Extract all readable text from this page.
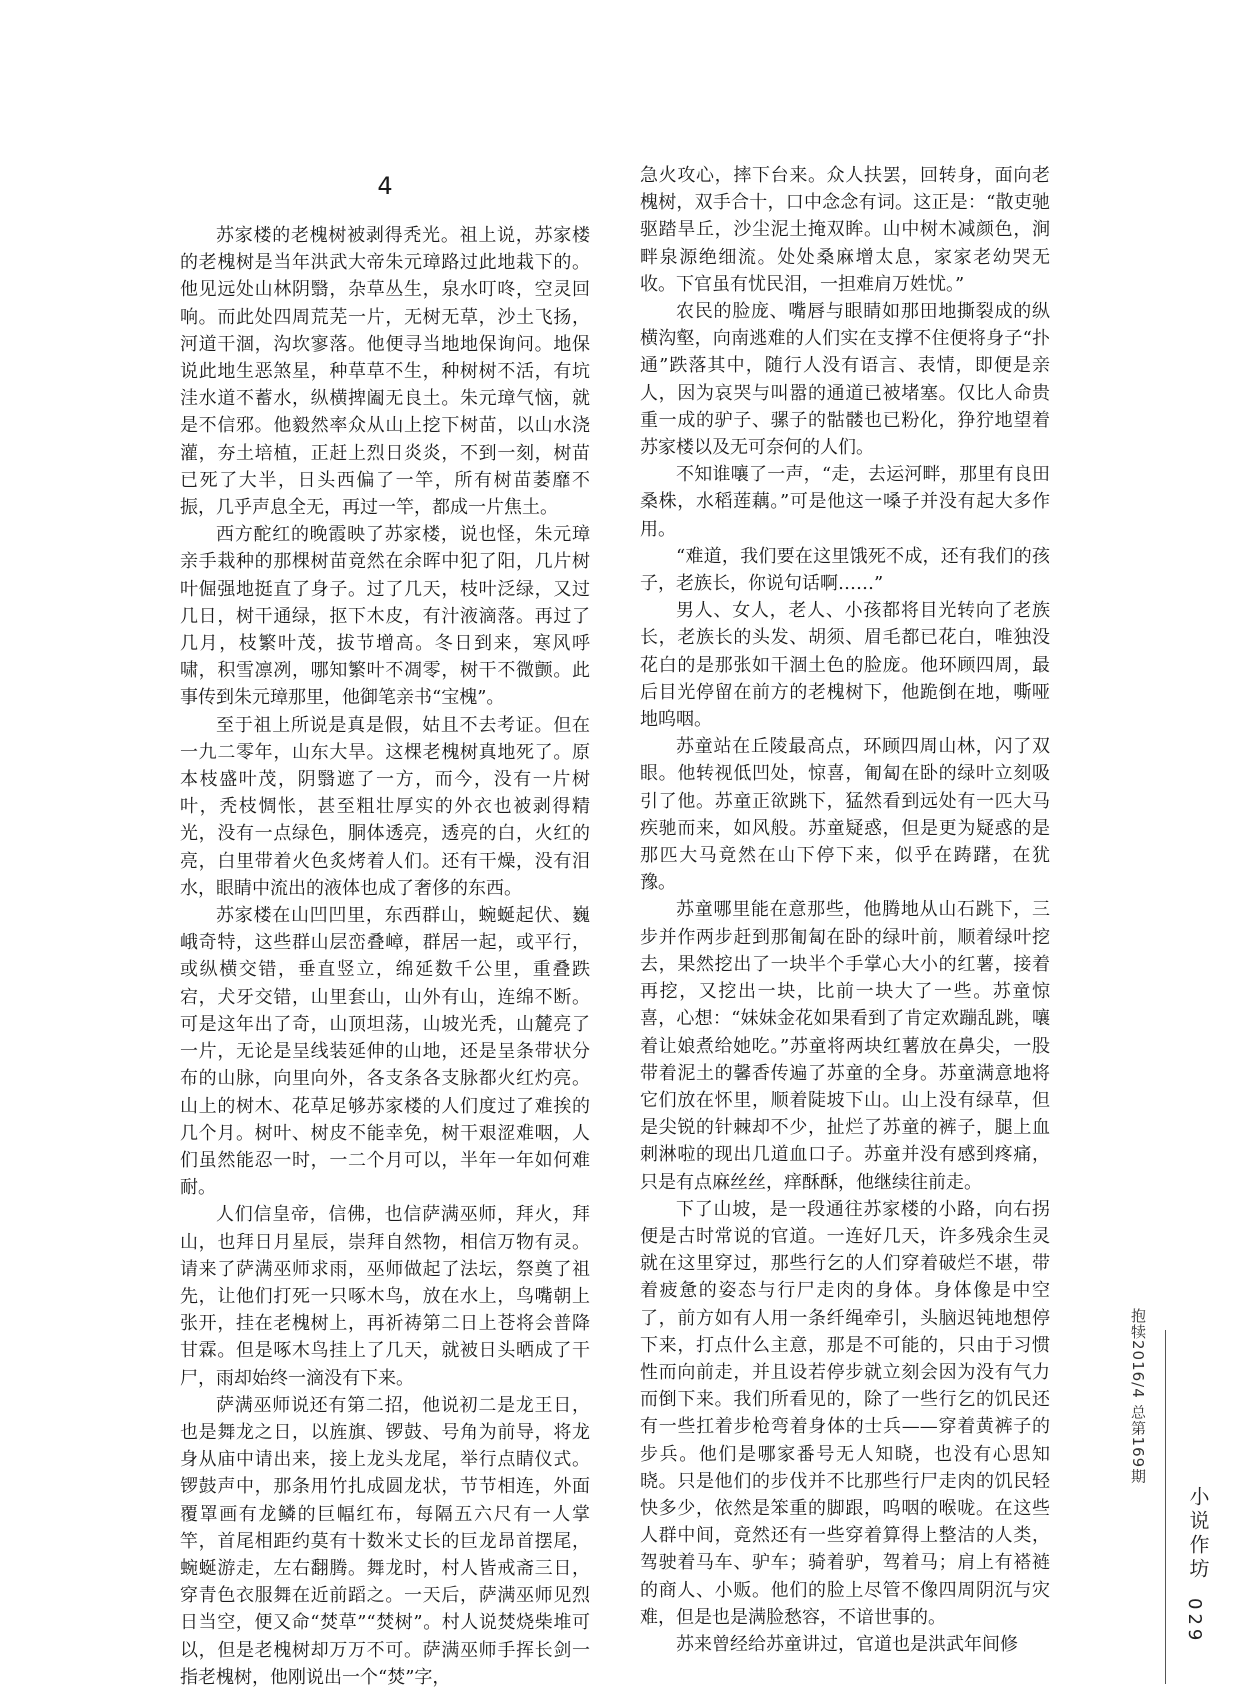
4

苏家楼的老槐树被剥得秃光。祖上说，苏家楼的老槐树是当年洪武大帝朱元璋路过此地栽下的。他见远处山林阴翳，杂草丛生，泉水叮咚，空灵回响。而此处四周荒芜一片，无树无草，沙土飞扬，河道干涸，沟坎寥落。他便寻当地地保询问。地保说此地生恶煞星，种草草不生，种树树不活，有坑洼水道不蓄水，纵横捭阖无良土。朱元璋气恼，就是不信邪。他毅然率众从山上挖下树苗，以山水浇灌，夯土培植，正赶上烈日炎炎，不到一刻，树苗已死了大半，日头西偏了一竿，所有树苗萎靡不振，几乎声息全无，再过一竿，都成一片焦土。

西方酡红的晚霞映了苏家楼，说也怪，朱元璋亲手栽种的那棵树苗竟然在余晖中犯了阳，几片树叶倔强地挺直了身子。过了几天，枝叶泛绿，又过几日，树干通绿，抠下木皮，有汁液滴落。再过了几月，枝繁叶茂，拔节增高。冬日到来，寒风呼啸，积雪凛冽，哪知繁叶不凋零，树干不微颤。此事传到朱元璋那里，他御笔亲书“宝槐”。

至于祖上所说是真是假，姑且不去考证。但在一九二零年，山东大旱。这棵老槐树真地死了。原本枝盛叶茂，阴翳遮了一方，而今，没有一片树叶，秃枝惆怅，甚至粗壮厚实的外衣也被剥得精光，没有一点绿色，胴体透亮，透亮的白，火红的亮，白里带着火色炙烤着人们。还有干燥，没有泪水，眼睛中流出的液体也成了奢侈的东西。

苏家楼在山凹凹里，东西群山，蜿蜒起伏、巍峨奇特，这些群山层峦叠嶂，群居一起，或平行，或纵横交错，垂直竖立，绵延数千公里，重叠跌宕，犬牙交错，山里套山，山外有山，连绵不断。可是这年出了奇，山顶坦荡，山坡光秃，山麓亮了一片，无论是呈线装延伸的山地，还是呈条带状分布的山脉，向里向外，各支条各支脉都火红灼亮。山上的树木、花草足够苏家楼的人们度过了难挨的几个月。树叶、树皮不能幸免，树干艰涩难咽，人们虽然能忍一时，一二个月可以，半年一年如何难耐。

人们信皇帝，信佛，也信萨满巫师，拜火，拜山，也拜日月星辰，崇拜自然物，相信万物有灵。请来了萨满巫师求雨，巫师做起了法坛，祭奠了祖先，让他们打死一只啄木鸟，放在水上，鸟嘴朝上张开，挂在老槐树上，再祈祷第二日上苍将会普降甘霖。但是啄木鸟挂上了几天，就被日头晒成了干尸，雨却始终一滴没有下来。

萨满巫师说还有第二招，他说初二是龙王日，也是舞龙之日，以旌旗、锣鼓、号角为前导，将龙身从庙中请出来，接上龙头龙尾，举行点睛仪式。锣鼓声中，那条用竹扎成圆龙状，节节相连，外面覆罩画有龙鳞的巨幅红布，每隔五六尺有一人掌竿，首尾相距约莫有十数米丈长的巨龙昂首摆尾，蜿蜒游走，左右翻腾。舞龙时，村人皆戒斋三日，穿青色衣服舞在近前蹈之。一天后，萨满巫师见烈日当空，便又命“焚草”“焚树”。村人说焚烧柴堆可以，但是老槐树却万万不可。萨满巫师手挥长剑一指老槐树，他刚说出一个“焚”字，

急火攻心，摔下台来。众人扶罢，回转身，面向老槐树，双手合十，口中念念有词。这正是：“散吏驰驱踏旱丘，沙尘泥土掩双眸。山中树木减颜色，涧畔泉源绝细流。处处桑麻增太息，家家老幼哭无收。下官虽有忧民泪，一担难肩万姓忧。”

农民的脸庞、嘴唇与眼睛如那田地撕裂成的纵横沟壑，向南逃难的人们实在支撑不住便将身子“扑通”跌落其中，随行人没有语言、表情，即便是亲人，因为哀哭与叫嚣的通道已被堵塞。仅比人命贵重一成的驴子、骡子的骷髅也已粉化，狰狞地望着苏家楼以及无可奈何的人们。

不知谁嚷了一声，“走，去运河畔，那里有良田桑株，水稻莲藕。”可是他这一嗓子并没有起大多作用。

“难道，我们要在这里饿死不成，还有我们的孩子，老族长，你说句话啊……”

男人、女人，老人、小孩都将目光转向了老族长，老族长的头发、胡须、眉毛都已花白，唯独没花白的是那张如干涸土色的脸庞。他环顾四周，最后目光停留在前方的老槐树下，他跪倒在地，嘶哑地呜咽。

苏童站在丘陵最高点，环顾四周山林，闪了双眼。他转视低凹处，惊喜，匍匐在卧的绿叶立刻吸引了他。苏童正欲跳下，猛然看到远处有一匹大马疾驰而来，如风般。苏童疑惑，但是更为疑惑的是那匹大马竟然在山下停下来，似乎在踌躇，在犹豫。

苏童哪里能在意那些，他腾地从山石跳下，三步并作两步赶到那匍匐在卧的绿叶前，顺着绿叶挖去，果然挖出了一块半个手掌心大小的红薯，接着再挖，又挖出一块，比前一块大了一些。苏童惊喜，心想：“妹妹金花如果看到了肯定欢蹦乱跳，嚷着让娘煮给她吃。”苏童将两块红薯放在鼻尖，一股带着泥土的馨香传遍了苏童的全身。苏童满意地将它们放在怀里，顺着陡坡下山。山上没有绿草，但是尖锐的针棘却不少，扯烂了苏童的裤子，腿上血刺淋啦的现出几道血口子。苏童并没有感到疼痛，只是有点麻丝丝，痒酥酥，他继续往前走。

下了山坡，是一段通往苏家楼的小路，向右拐便是古时常说的官道。一连好几天，许多残余生灵就在这里穿过，那些行乞的人们穿着破烂不堪，带着疲惫的姿态与行尸走肉的身体。身体像是中空了，前方如有人用一条纤绳牵引，头脑迟钝地想停下来，打点什么主意，那是不可能的，只由于习惯性而向前走，并且设若停步就立刻会因为没有气力而倒下来。我们所看见的，除了一些行乞的饥民还有一些扛着步枪弯着身体的士兵——穿着黄裤子的步兵。他们是哪家番号无人知晓，也没有心思知晓。只是他们的步伐并不比那些行尸走肉的饥民轻快多少，依然是笨重的脚跟，呜咽的喉咙。在这些人群中间，竟然还有一些穿着算得上整洁的人类，驾驶着马车、驴车；骑着驴，驾着马；肩上有褡裢的商人、小贩。他们的脸上尽管不像四周阴沉与灾难，但是也是满脸愁容，不谙世事的。

苏来曾经给苏童讲过，官道也是洪武年间修

抱犊2016/4 总第169期
小说作坊
029
